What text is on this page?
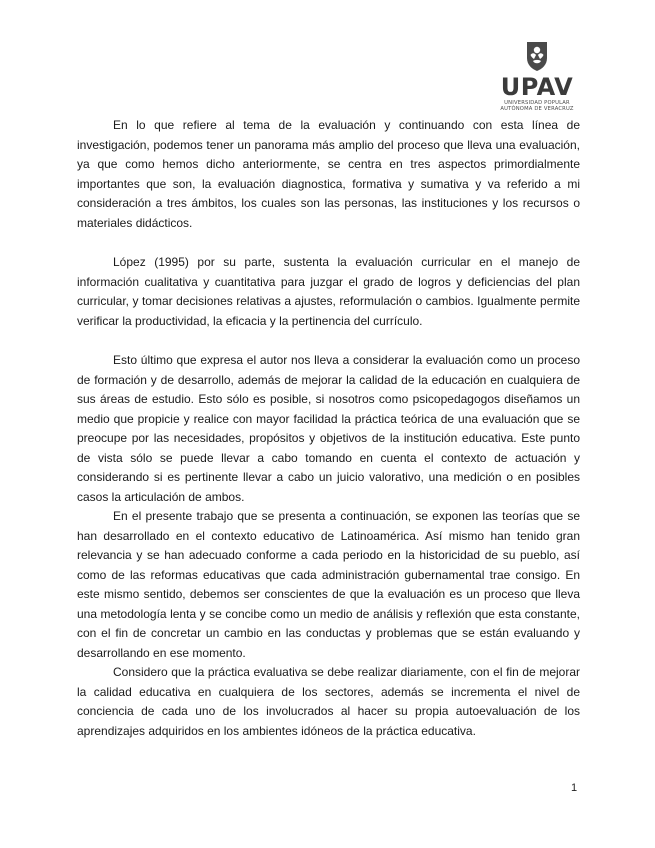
UPAV
UNIVERSIDAD POPULAR
AUTÓNOMA DE VERACRUZ

En lo que refiere al tema de la evaluación y continuando con esta línea de investigación, podemos tener un panorama más amplio del proceso que lleva una evaluación, ya que como hemos dicho anteriormente, se centra en tres aspectos primordialmente importantes que son, la evaluación diagnostica, formativa y sumativa y va referido a mi consideración a tres ámbitos, los cuales son las personas, las instituciones y los recursos o materiales didácticos.

López (1995) por su parte, sustenta la evaluación curricular en el manejo de información cualitativa y cuantitativa para juzgar el grado de logros y deficiencias del plan curricular, y tomar decisiones relativas a ajustes, reformulación o cambios. Igualmente permite verificar la productividad, la eficacia y la pertinencia del currículo.

Esto último que expresa el autor nos lleva a considerar la evaluación como un proceso de formación y de desarrollo, además de mejorar la calidad de la educación en cualquiera de sus áreas de estudio. Esto sólo es posible, si nosotros como psicopedagogos diseñamos un medio que propicie y realice con mayor facilidad la práctica teórica de una evaluación que se preocupe por las necesidades, propósitos y objetivos de la institución educativa. Este punto de vista sólo se puede llevar a cabo tomando en cuenta el contexto de actuación y considerando si es pertinente llevar a cabo un juicio valorativo, una medición o en posibles casos la articulación de ambos.

En el presente trabajo que se presenta a continuación, se exponen las teorías que se han desarrollado en el contexto educativo de Latinoamérica. Así mismo han tenido gran relevancia y se han adecuado conforme a cada periodo en la historicidad de su pueblo, así como de las reformas educativas que cada administración gubernamental trae consigo. En este mismo sentido, debemos ser conscientes de que la evaluación es un proceso que lleva una metodología lenta y se concibe como un medio de análisis y reflexión que esta constante, con el fin de concretar un cambio en las conductas y problemas que se están evaluando y desarrollando en ese momento.

Considero que la práctica evaluativa se debe realizar diariamente, con el fin de mejorar la calidad educativa en cualquiera de los sectores, además se incrementa el nivel de conciencia de cada uno de los involucrados al hacer su propia autoevaluación de los aprendizajes adquiridos en los ambientes idóneos de la práctica educativa.

1
